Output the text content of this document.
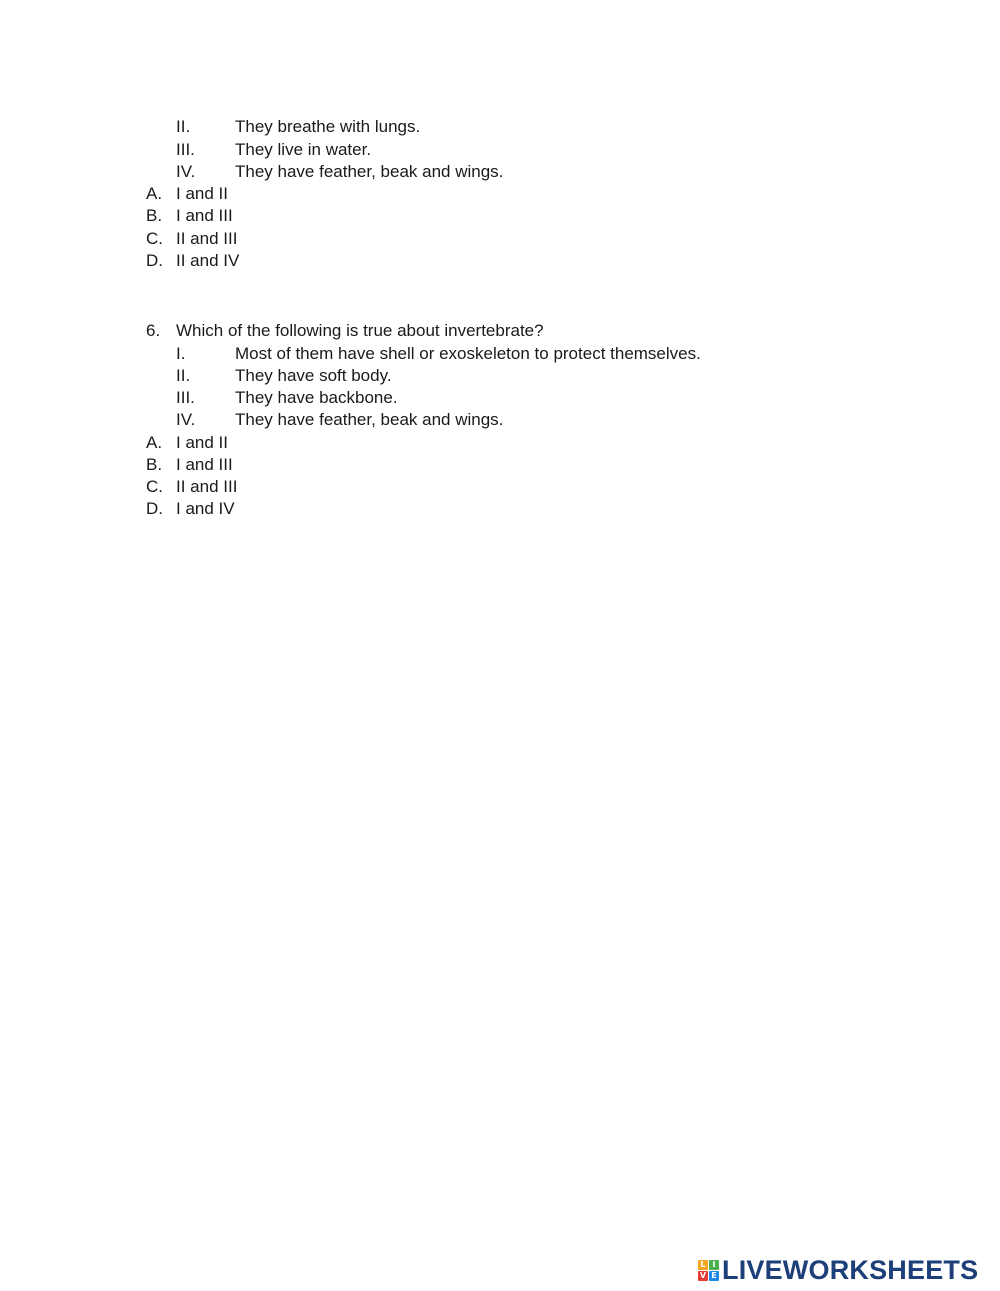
II.	They breathe with lungs.
III. They live in water.
IV. They have feather, beak and wings.
A. I and II
B. I and III
C. II and III
D. II and IV
6. Which of the following is true about invertebrate?
I.	Most of them have shell or exoskeleton to protect themselves.
II.	They have soft body.
III. They have backbone.
IV. They have feather, beak and wings.
A. I and II
B. I and III
C. II and III
D. I and IV
L I
V E LIVEWORKSHEETS
